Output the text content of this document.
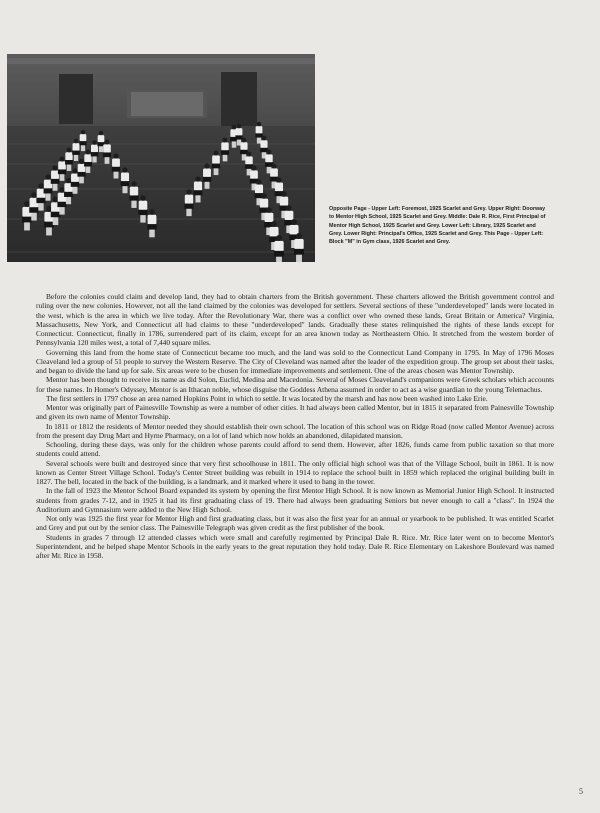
Opposite Page - Upper Left: Foremost, 1925 Scarlet and Grey. Upper Right: Doorway to Mentor High School, 1925 Scarlet and Grey. Middle: Dale R. Rice, First Principal of Mentor High School, 1925 Scarlet and Grey. Lower Left: Library, 1925 Scarlet and Grey. Lower Right: Principal's Office, 1925 Scarlet and Grey. This Page - Upper Left: Block "M" in Gym class, 1926 Scarlet and Grey.

Before the colonies could claim and develop land, they had to obtain charters from the British government. These charters allowed the British government control and ruling over the new colonies. However, not all the land claimed by the colonies was developed for settlers. Several sections of these "underdeveloped" lands were located in the west, which is the area in which we live today. After the Revolutionary War, there was a conflict over who owned these lands, Great Britain or America? Virginia, Massachusetts, New York, and Connecticut all had claims to these "underdeveloped" lands. Gradually these states relinquished the rights of these lands except for Connecticut. Connecticut, finally in 1786, surrendered part of its claim, except for an area known today as Northeastern Ohio. It stretched from the western border of Pennsylvania 120 miles west, a total of 7,440 square miles.

Governing this land from the home state of Connecticut became too much, and the land was sold to the Connecticut Land Company in 1795. In May of 1796 Moses Cleaveland led a group of 51 people to survey the Western Reserve. The City of Cleveland was named after the leader of the expedition group. The group set about their tasks, and began to divide the land up for sale. Six areas were to be chosen for immediate improvements and settlement. One of the areas chosen was Mentor Township.

Mentor has been thought to receive its name as did Solon, Euclid, Medina and Macedonia. Several of Moses Cleaveland's companions were Greek scholars which accounts for these names. In Homer's Odyssey, Mentor is an Ithacan noble, whose disguise the Goddess Athena assumed in order to act as a wise guardian to the young Telemachus.

The first settlers in 1797 chose an area named Hopkins Point in which to settle. It was located by the marsh and has now been washed into Lake Erie.

Mentor was originally part of Painesville Township as were a number of other cities. It had always been called Mentor, but in 1815 it separated from Painesville Township and given its own name of Mentor Township.

In 1811 or 1812 the residents of Mentor needed they should establish their own school. The location of this school was on Ridge Road (now called Mentor Avenue) across from the present day Drug Mart and Hyrne Pharmacy, on a lot of land which now holds an abandoned, dilapidated mansion.

Schooling, during these days, was only for the children whose parents could afford to send them. However, after 1826, funds came from public taxation so that more students could attend.

Several schools were built and destroyed since that very first schoolhouse in 1811. The only official high school was that of the Village School, built in 1861. It is now known as Center Street Village School. Today's Center Street building was rebuilt in 1914 to replace the school built in 1859 which replaced the original building built in 1827. The bell, located in the back of the building, is a landmark, and it marked where it used to hang in the tower.

In the fall of 1923 the Mentor School Board expanded its system by opening the first Mentor High School. It is now known as Memorial Junior High School. It instructed students from grades 7-12, and in 1925 it had its first graduating class of 19. There had always been graduating Seniors but never enough to call a "class". In 1924 the Auditorium and Gymnasium were added to the New High School.

Not only was 1925 the first year for Mentor High and first graduating class, but it was also the first year for an annual or yearbook to be published. It was entitled Scarlet and Grey and put out by the senior class. The Painesville Telegraph was given credit as the first publisher of the book.

Students in grades 7 through 12 attended classes which were small and carefully regimented by Principal Dale R. Rice. Mr. Rice later went on to become Mentor's Superintendent, and he helped shape Mentor Schools in the early years to the great reputation they hold today. Dale R. Rice Elementary on Lakeshore Boulevard was named after Mr. Rice in 1958.

5
